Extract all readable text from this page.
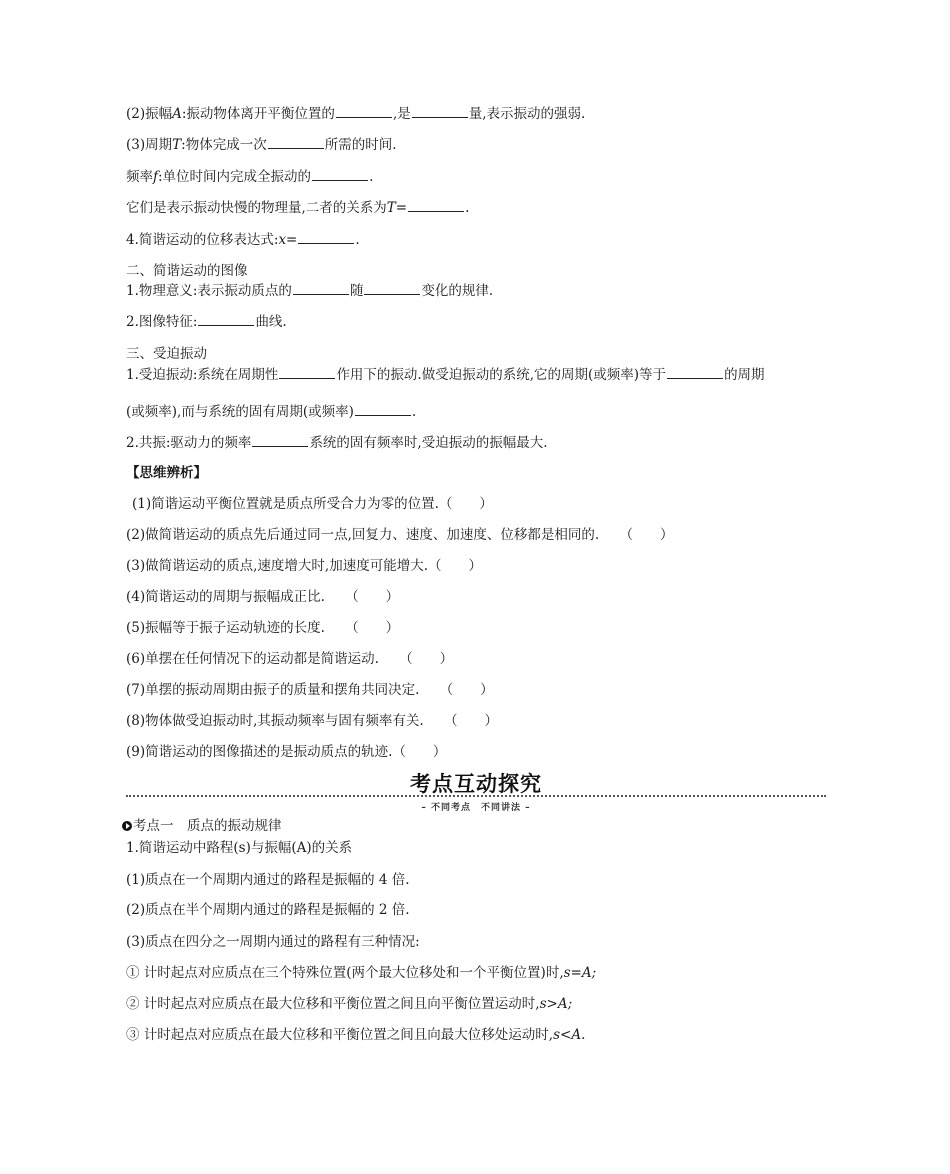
(2)振幅A:振动物体离开平衡位置的	,是	量,表示振动的强弱.
(3)周期T:物体完成一次	所需的时间.
频率f:单位时间内完成全振动的	.
它们是表示振动快慢的物理量,二者的关系为T=	.
4.简谐运动的位移表达式:x=	.
二、简谐运动的图像
1.物理意义:表示振动质点的	随	变化的规律.
2.图像特征:	曲线.
三、受迫振动
1.受迫振动:系统在周期性	作用下的振动.做受迫振动的系统,它的周期(或频率)等于	的周期
(或频率),而与系统的固有周期(或频率)	.
2.共振:驱动力的频率	系统的固有频率时,受迫振动的振幅最大.
【思维辨析】
(1)简谐运动平衡位置就是质点所受合力为零的位置.（　　）
(2)做简谐运动的质点先后通过同一点,回复力、速度、加速度、位移都是相同的.　　（　　）
(3)做简谐运动的质点,速度增大时,加速度可能增大.（　　）
(4)简谐运动的周期与振幅成正比.　　（　　）
(5)振幅等于振子运动轨迹的长度.　　（　　）
(6)单摆在任何情况下的运动都是简谐运动.　　（　　）
(7)单摆的振动周期由振子的质量和摆角共同决定.　　（　　）
(8)物体做受迫振动时,其振动频率与固有频率有关.　　（　　）
(9)简谐运动的图像描述的是振动质点的轨迹.（　　）
考点互动探究
– 不同考点　不同讲法 –
考点一　质点的振动规律
1.简谐运动中路程(s)与振幅(A)的关系
(1)质点在一个周期内通过的路程是振幅的 4 倍.
(2)质点在半个周期内通过的路程是振幅的 2 倍.
(3)质点在四分之一周期内通过的路程有三种情况:
① 计时起点对应质点在三个特殊位置(两个最大位移处和一个平衡位置)时,s=A;
② 计时起点对应质点在最大位移和平衡位置之间且向平衡位置运动时,s>A;
③ 计时起点对应质点在最大位移和平衡位置之间且向最大位移处运动时,s<A.
